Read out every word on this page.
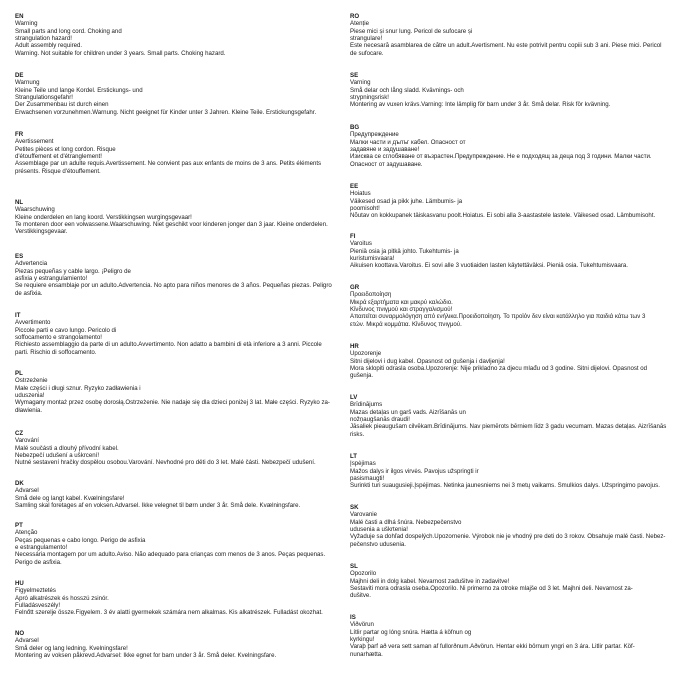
EN
Warning
Small parts and long cord. Choking and
strangulation hazard!
Adult assembly required.
Warning. Not suitable for children under 3 years. Small parts. Choking hazard.
DE
Warnung
Kleine Teile und lange Kordel. Erstickungs- und
Strangulationsgefahr!
Der Zusammenbau ist durch einen
Erwachsenen vorzunehmen.Warnung. Nicht geeignet für Kinder unter 3 Jahren. Kleine Teile. Erstickungsgefahr.
FR
Avertissement
Petites pièces et long cordon. Risque
d'étouffement et d'étranglement!
Assemblage par un adulte requis.Avertissement. Ne convient pas aux enfants de moins de 3 ans. Petits éléments
présents. Risque d'étouffement.
NL
Waarschuwing
Kleine onderdelen en lang koord. Verstikkingsen wurgingsgevaar!
Te monteren door een volwassene.Waarschuwing. Niet geschikt voor kinderen jonger dan 3 jaar. Kleine onderdelen.
Verstikkingsgevaar.
ES
Advertencia
Piezas pequeñas y cable largo. ¡Peligro de
asfixia y estrangulamiento!
Se requiere ensamblaje por un adulto.Advertencia. No apto para niños menores de 3 años. Pequeñas piezas. Peligro
de asfixia.
IT
Avvertimento
Piccole parti e cavo lungo. Pericolo di
soffocamento e strangolamento!
Richiesto assemblaggio da parte di un adulto.Avvertimento. Non adatto a bambini di età inferiore a 3 anni. Piccole
parti. Rischio di soffocamento.
PL
Ostrzeżenie
Małe części i długi sznur. Ryzyko zadławienia i
uduszenia!
Wymagany montaż przez osobę dorosłą.Ostrzeżenie. Nie nadaje się dla dzieci poniżej 3 lat. Małe części. Ryzyko za-
dławienia.
CZ
Varování
Malé součásti a dlouhý přívodní kabel.
Nebezpečí udušení a uškrcení!
Nutné sestavení hračky dospělou osobou.Varování. Nevhodné pro děti do 3 let. Malé části. Nebezpečí udušení.
DK
Advarsel
Små dele og langt kabel. Kvælningsfare!
Samling skal foretages af en voksen.Advarsel. Ikke velegnet til børn under 3 år. Små dele. Kvælningsfare.
PT
Atenção
Peças pequenas e cabo longo. Perigo de asfixia
e estrangulamento!
Necessária montagem por um adulto.Aviso. Não adequado para crianças com menos de 3 anos. Peças pequenas.
Perigo de asfixia.
HU
Figyelmeztetés
Apró alkatrészek és hosszú zsinór.
Fulladásveszély!
Felnőtt szerelje össze.Figyelem. 3 év alatti gyermekek számára nem alkalmas. Kis alkatrészek. Fulladást okozhat.
NO
Advarsel
Små deler og lang ledning. Kvelningsfare!
Montering av voksen påkrevd.Advarsel: Ikke egnet for barn under 3 år. Små deler. Kvelningsfare.
RO
Atenție
Piese mici și snur lung. Pericol de sufocare și
strangulare!
Este necesară asamblarea de către un adult.Avertisment. Nu este potrivit pentru copiii sub 3 ani. Piese mici. Pericol
de sufocare.
SE
Varning
Små delar och lång sladd. Kvävnings- och
strypningsrisk!
Montering av vuxen krävs.Varning: Inte lämplig för barn under 3 år. Små delar. Risk för kvävning.
BG
Предупреждение
Малки части и дълъг кабел. Опасност от
задавяне и задушаване!
Изисква се сглобяване от възрастен.Предупреждение. Не е подходящ за деца под 3 години. Малки части.
Опасност от задушаване.
EE
Hoiatus
Väikesed osad ja pikk juhe. Lämbumis- ja
poomisoht!
Nõutav on kokkupanek täiskasvanu poolt.Hoiatus. Ei sobi alla 3-aastastele lastele. Väikesed osad. Lämbumisoht.
FI
Varoitus
Pieniä osia ja pitkä johto. Tukehtumis- ja
kuristumisvaara!
Aikuisen koottava.Varoitus. Ei sovi alle 3 vuotiaiden lasten käytettäväksi. Pieniä osia. Tukehtumisvaara.
GR
Προειδοποίηση
Μικρά εξαρτήματα και μακρύ καλώδιο.
Κίνδυνος πνιγμού και στραγγαλισμού!
Απαιτείται συναρμολόγηση από ενήλικα.Προειδοποίηση. Το προϊόν δεν είναι κατάλληλο για παιδιά κάτω των 3
ετών. Μικρά κομμάτια. Κίνδυνος πνιγμού.
HR
Upozorenje
Sitni dijelovi i dug kabel. Opasnost od gušenja i davljenja!
Mora sklopiti odrasla osoba.Upozorenje: Nije prikladno za djecu mlađu od 3 godine. Sitni dijelovi. Opasnost od
gušenja.
LV
Brīdinājums
Mazas detaļas un garš vads. Aizrīšanās un
nožņaugšanās draudi!
Jāsaliek pieaugušam cilvēkam.Brīdinājums. Nav piemērots bērniem līdz 3 gadu vecumam. Mazas detaļas. Aizrīšanās
risks.
LT
Įspėjimas
Mažos dalys ir ilgos virvės. Pavojus užspringti ir
pasismaugti!
Surinkti turi suaugusieji.Įspėjimas. Netinka jaunesniems nei 3 metų vaikams. Smulkios dalys. Užspringimo pavojus.
SK
Varovanie
Malé časti a dlhá šnúra. Nebezpečenstvo
udusenia a uškrtenia!
Vyžaduje sa dohľad dospelých.Upozornenie. Výrobok nie je vhodný pre deti do 3 rokov. Obsahuje malé časti. Nebez-
pečenstvo udusenia.
SL
Opozorilo
Majhni deli in dolg kabel. Nevarnost zadušitve in zadavitve!
Sestaviti mora odrasla oseba.Opozorilo. Ni primerno za otroke mlajše od 3 let. Majhni deli. Nevarnost za-
dušitve.
IS
Viðvörun
Lítlir partar og lóng snúra. Hætta á köfnun og
kyrkingu!
Varaþ þarf að vera sett saman af fullorðnum.Aðvörun. Hentar ekki börnum yngri en 3 ára. Litlir partar. Köf-
nunarhætta.
